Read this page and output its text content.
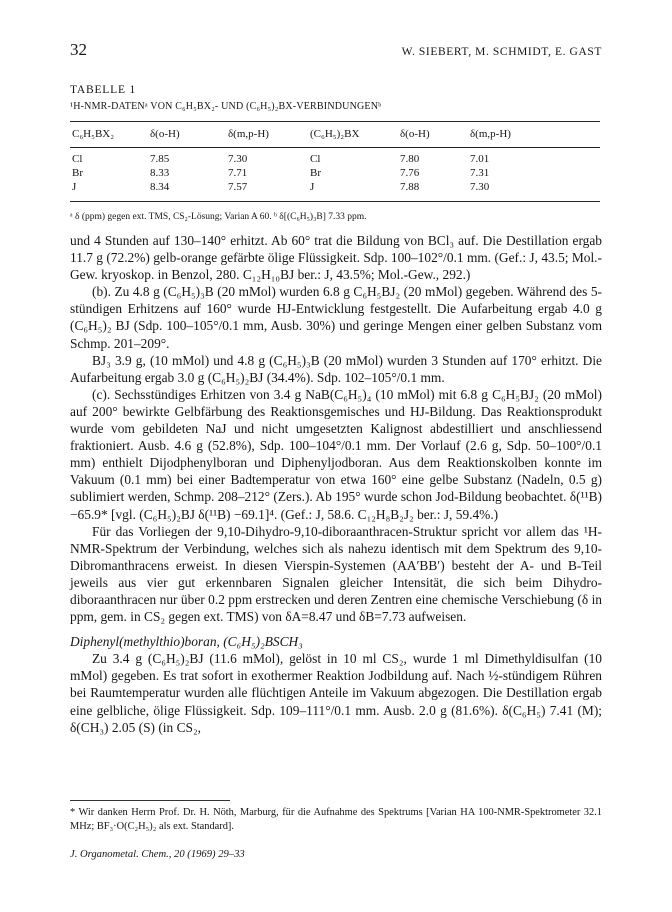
32	W. SIEBERT, M. SCHMIDT, E. GAST
TABELLE 1
¹H-NMR-DATENᵃ VON C₆H₅BX₂- UND (C₆H₅)₂BX-VERBINDUNGENᵇ
C₆H₅BX₂	δ(o-H)	δ(m,p-H)	(C₆H₅)₂BX	δ(o-H)	δ(m,p-H)
Cl	7.85	7.30	Cl	7.80	7.01
Br	8.33	7.71	Br	7.76	7.31
J	8.34	7.57	J	7.88	7.30
ᵃ δ (ppm) gegen ext. TMS, CS₂-Lösung; Varian A 60. ᵇ δ[(C₆H₅)₃B] 7.33 ppm.

und 4 Stunden auf 130–140° erhitzt. Ab 60° trat die Bildung von BCl₃ auf. Die Destillation ergab 11.7 g (72.2%) gelb-orange gefärbte ölige Flüssigkeit. Sdp. 100–102°/0.1 mm. (Gef.: J, 43.5; Mol.-Gew. kryoskop. in Benzol, 280. C₁₂H₁₀BJ ber.: J, 43.5%; Mol.-Gew., 292.)

(b). Zu 4.8 g (C₆H₅)₃B (20 mMol) wurden 6.8 g C₆H₅BJ₂ (20 mMol) gegeben. Während des 5-stündigen Erhitzens auf 160° wurde HJ-Entwicklung festgestellt. Die Aufarbeitung ergab 4.0 g (C₆H₅)₂ BJ (Sdp. 100–105°/0.1 mm, Ausb. 30%) und geringe Mengen einer gelben Substanz vom Schmp. 201–209°.

BJ₃ 3.9 g, (10 mMol) und 4.8 g (C₆H₅)₃B (20 mMol) wurden 3 Stunden auf 170° erhitzt. Die Aufarbeitung ergab 3.0 g (C₆H₅)₂BJ (34.4%). Sdp. 102–105°/0.1 mm.

(c). Sechsstündiges Erhitzen von 3.4 g NaB(C₆H₅)₄ (10 mMol) mit 6.8 g C₆H₅BJ₂ (20 mMol) auf 200° bewirkte Gelbfärbung des Reaktionsgemisches und HJ-Bildung. Das Reaktionsprodukt wurde vom gebildeten NaJ und nicht umgesetzten Kalignost abdestilliert und anschliessend fraktioniert. Ausb. 4.6 g (52.8%), Sdp. 100–104°/0.1 mm. Der Vorlauf (2.6 g, Sdp. 50–100°/0.1 mm) enthielt Dijodphenylboran und Diphenyljodboran. Aus dem Reaktionskolben konnte im Vakuum (0.1 mm) bei einer Badtemperatur von etwa 160° eine gelbe Substanz (Nadeln, 0.5 g) sublimiert werden, Schmp. 208–212° (Zers.). Ab 195° wurde schon Jod-Bildung beobachtet. δ(¹¹B) −65.9* [vgl. (C₆H₅)₂BJ δ(¹¹B) −69.1]⁴. (Gef.: J, 58.6. C₁₂H₈B₂J₂ ber.: J, 59.4%.)

Für das Vorliegen der 9,10-Dihydro-9,10-diboraanthracen-Struktur spricht vor allem das ¹H-NMR-Spektrum der Verbindung, welches sich als nahezu identisch mit dem Spektrum des 9,10-Dibromanthracens erweist. In diesen Vierspin-Systemen (AA′BB′) besteht der A- und B-Teil jeweils aus vier gut erkennbaren Signalen gleicher Intensität, die sich beim Dihydro-diboraanthracen nur über 0.2 ppm erstrecken und deren Zentren eine chemische Verschiebung (δ in ppm, gem. in CS₂ gegen ext. TMS) von δA=8.47 und δB=7.73 aufweisen.

Diphenyl(methylthio)boran, (C₆H₅)₂BSCH₃

Zu 3.4 g (C₆H₅)₂BJ (11.6 mMol), gelöst in 10 ml CS₂, wurde 1 ml Dimethyldisulfan (10 mMol) gegeben. Es trat sofort in exothermer Reaktion Jodbildung auf. Nach ½-stündigem Rühren bei Raumtemperatur wurden alle flüchtigen Anteile im Vakuum abgezogen. Die Destillation ergab eine gelbliche, ölige Flüssigkeit. Sdp. 109–111°/0.1 mm. Ausb. 2.0 g (81.6%). δ(C₆H₅) 7.41 (M); δ(CH₃) 2.05 (S) (in CS₂,

* Wir danken Herrn Prof. Dr. H. Nöth, Marburg, für die Aufnahme des Spektrums [Varian HA 100-NMR-Spektrometer 32.1 MHz; BF₃·O(C₂H₅)₂ als ext. Standard].
J. Organometal. Chem., 20 (1969) 29–33
